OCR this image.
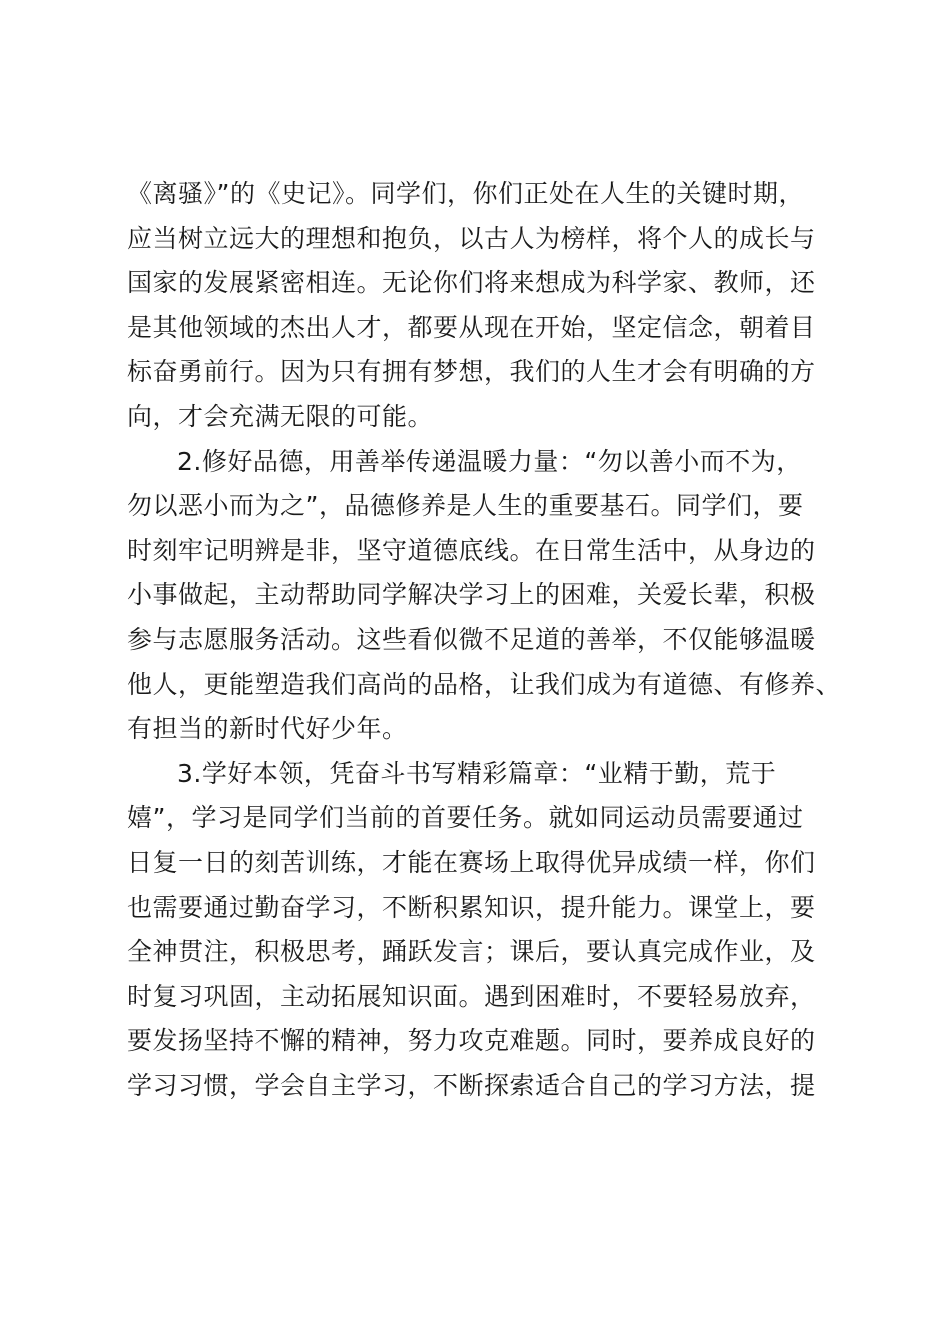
《离骚》”的《史记》。同学们，你们正处在人生的关键时期，
应当树立远大的理想和抱负，以古人为榜样，将个人的成长与
国家的发展紧密相连。无论你们将来想成为科学家、教师，还
是其他领域的杰出人才，都要从现在开始，坚定信念，朝着目
标奋勇前行。因为只有拥有梦想，我们的人生才会有明确的方
向，才会充满无限的可能。
2.修好品德，用善举传递温暖力量：“勿以善小而不为，
勿以恶小而为之”，品德修养是人生的重要基石。同学们，要
时刻牢记明辨是非，坚守道德底线。在日常生活中，从身边的
小事做起，主动帮助同学解决学习上的困难，关爱长辈，积极
参与志愿服务活动。这些看似微不足道的善举，不仅能够温暖
他人，更能塑造我们高尚的品格，让我们成为有道德、有修养、
有担当的新时代好少年。
3.学好本领，凭奋斗书写精彩篇章：“业精于勤，荒于
嬉”，学习是同学们当前的首要任务。就如同运动员需要通过
日复一日的刻苦训练，才能在赛场上取得优异成绩一样，你们
也需要通过勤奋学习，不断积累知识，提升能力。课堂上，要
全神贯注，积极思考，踊跃发言；课后，要认真完成作业，及
时复习巩固，主动拓展知识面。遇到困难时，不要轻易放弃，
要发扬坚持不懈的精神，努力攻克难题。同时，要养成良好的
学习习惯，学会自主学习，不断探索适合自己的学习方法，提
